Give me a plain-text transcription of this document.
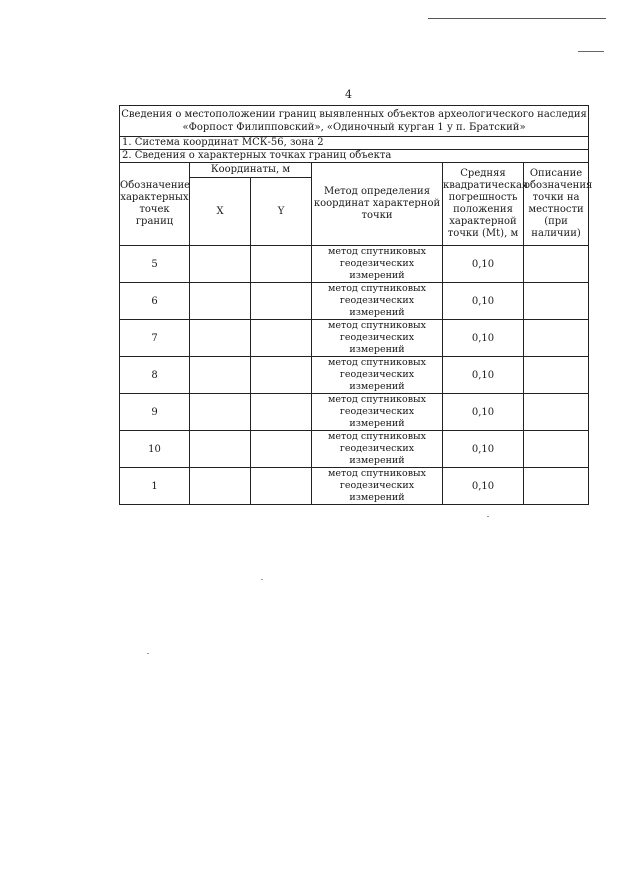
4
Сведения о местоположении границ выявленных объектов археологического наследия
«Форпост Филипповский», «Одиночный курган 1 у п. Братский»					

1. Система координат МСК-56, зона 2					
2. Сведения о характерных точках границ объекта					
Обозначение характерных точек границ	Координаты, м		Метод определения координат характерной точки	Средняя квадратическая погрешность положения характерной точки (Mt), м	Описание обозначения точки на местности (при наличии)
	X	Y			
5			метод спутниковых геодезических измерений	0,10	
6			метод спутниковых геодезических измерений	0,10	
7			метод спутниковых геодезических измерений	0,10	
8			метод спутниковых геодезических измерений	0,10	
9			метод спутниковых геодезических измерений	0,10	
10			метод спутниковых геодезических измерений	0,10	
1			метод спутниковых геодезических измерений	0,10	
